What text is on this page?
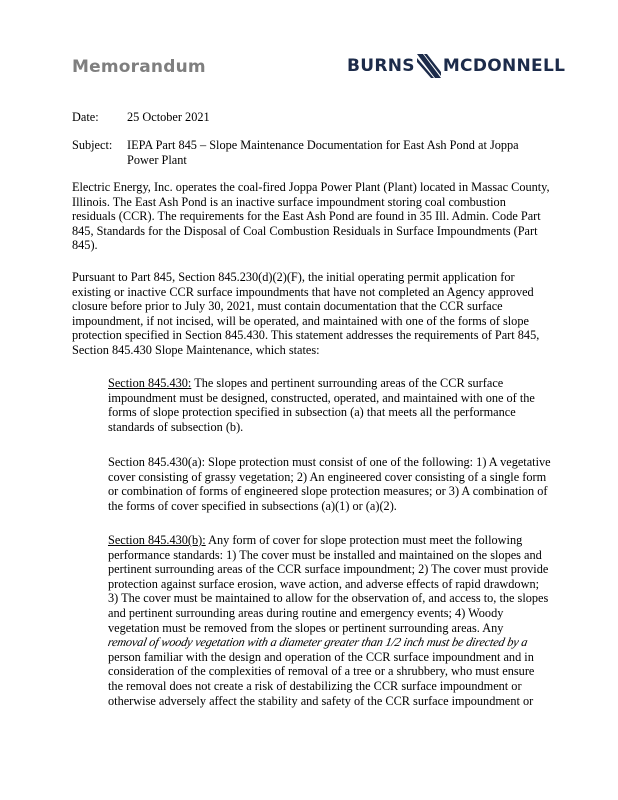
Memorandum	BURNS MCDONNELL
Date:	25 October 2021
Subject:	IEPA Part 845 – Slope Maintenance Documentation for East Ash Pond at Joppa Power Plant

Electric Energy, Inc. operates the coal-fired Joppa Power Plant (Plant) located in Massac County, Illinois. The East Ash Pond is an inactive surface impoundment storing coal combustion residuals (CCR). The requirements for the East Ash Pond are found in 35 Ill. Admin. Code Part 845, Standards for the Disposal of Coal Combustion Residuals in Surface Impoundments (Part 845).

Pursuant to Part 845, Section 845.230(d)(2)(F), the initial operating permit application for existing or inactive CCR surface impoundments that have not completed an Agency approved closure before prior to July 30, 2021, must contain documentation that the CCR surface impoundment, if not incised, will be operated, and maintained with one of the forms of slope protection specified in Section 845.430. This statement addresses the requirements of Part 845, Section 845.430 Slope Maintenance, which states:

Section 845.430: The slopes and pertinent surrounding areas of the CCR surface impoundment must be designed, constructed, operated, and maintained with one of the forms of slope protection specified in subsection (a) that meets all the performance standards of subsection (b).

Section 845.430(a): Slope protection must consist of one of the following: 1) A vegetative cover consisting of grassy vegetation; 2) An engineered cover consisting of a single form or combination of forms of engineered slope protection measures; or 3) A combination of the forms of cover specified in subsections (a)(1) or (a)(2).

Section 845.430(b): Any form of cover for slope protection must meet the following performance standards: 1) The cover must be installed and maintained on the slopes and pertinent surrounding areas of the CCR surface impoundment; 2) The cover must provide protection against surface erosion, wave action, and adverse effects of rapid drawdown; 3) The cover must be maintained to allow for the observation of, and access to, the slopes and pertinent surrounding areas during routine and emergency events; 4) Woody vegetation must be removed from the slopes or pertinent surrounding areas. Any
removal of woody vegetation with a diameter greater than 1/2 inch must be directed by a
person familiar with the design and operation of the CCR surface impoundment and in consideration of the complexities of removal of a tree or a shrubbery, who must ensure the removal does not create a risk of destabilizing the CCR surface impoundment or otherwise adversely affect the stability and safety of the CCR surface impoundment or
